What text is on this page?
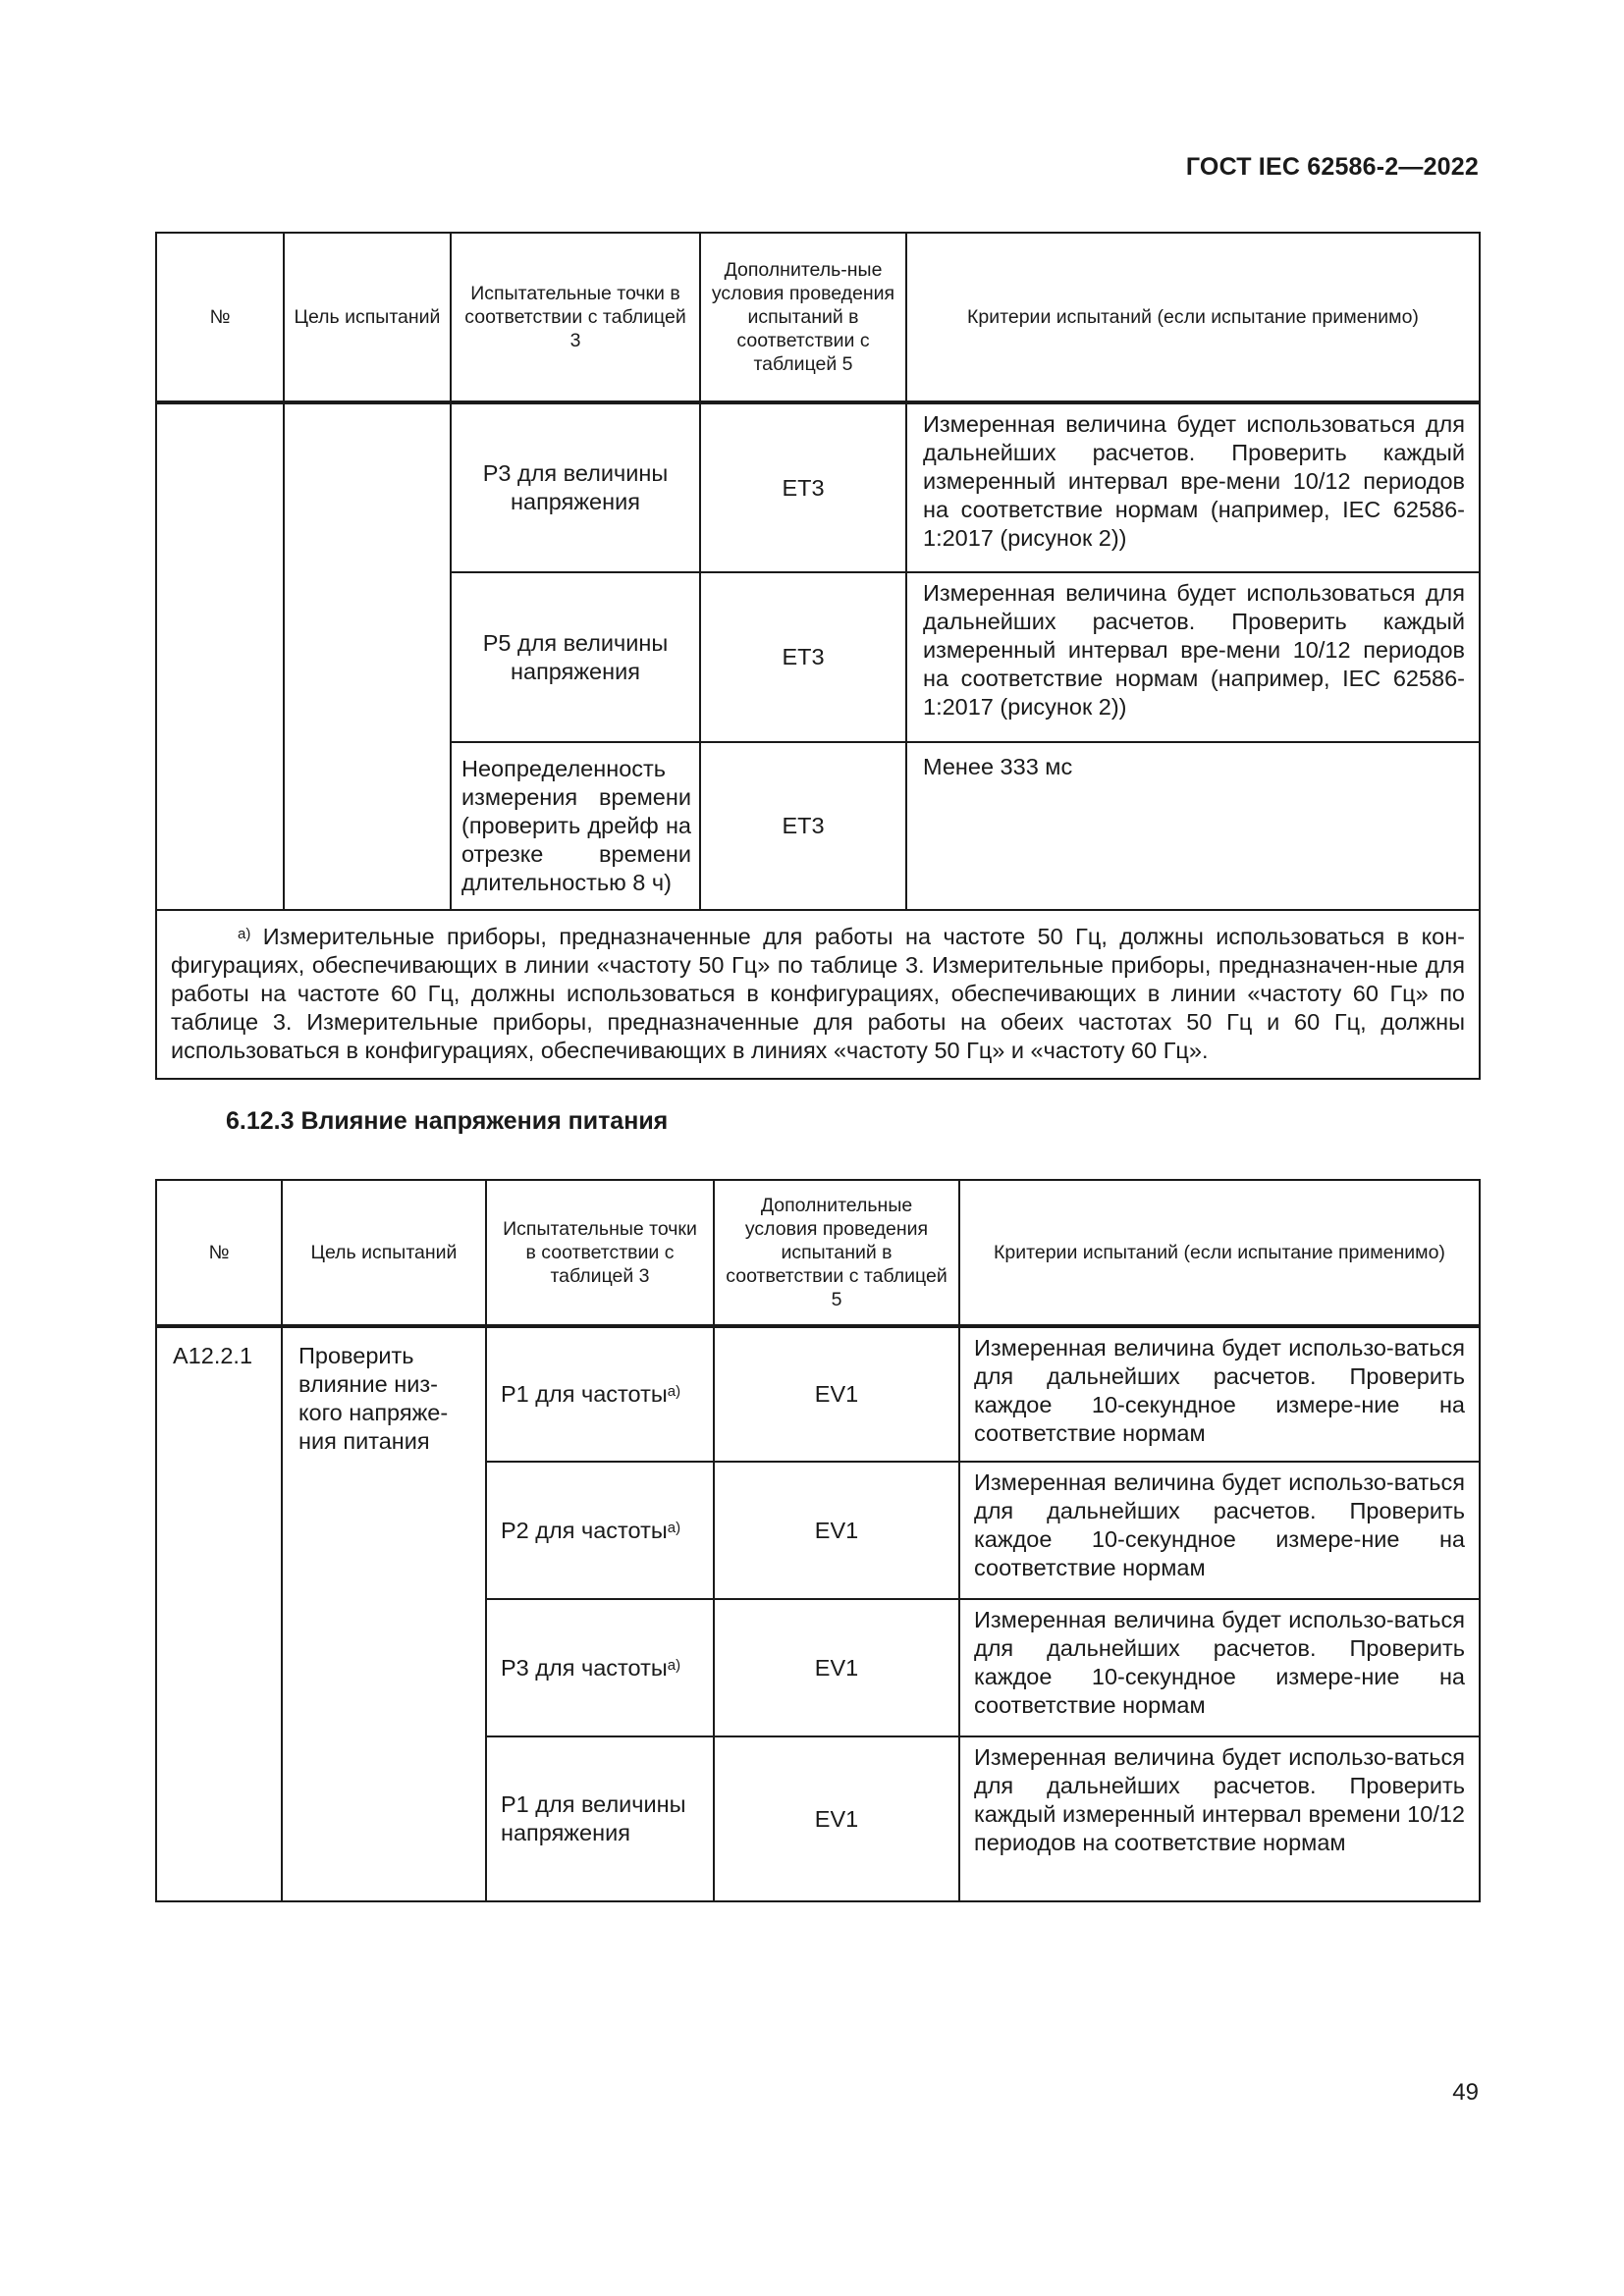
ГОСТ IEC 62586-2—2022
№	Цель испытаний	Испытательные точки в соответствии с таблицей 3	Дополнитель-ные условия проведения испытаний в соответствии с таблицей 5	Критерии испытаний (если испытание применимо)
		Р3 для величины напряжения	ЕТ3	Измеренная величина будет использоваться для дальнейших расчетов. Проверить каждый измеренный интервал вре-мени 10/12 периодов на соответствие нормам (например, IEC 62586-1:2017 (рисунок 2))
		Р5 для величины напряжения	ЕТ3	Измеренная величина будет использоваться для дальнейших расчетов. Проверить каждый измеренный интервал вре-мени 10/12 периодов на соответствие нормам (например, IEC 62586-1:2017 (рисунок 2))
		Неопределенность измерения времени (проверить дрейф на отрезке времени длительностью 8 ч)	ЕТ3	Менее 333 мс
$^{а)}$ Измерительные приборы, предназначенные для работы на частоте 50 Гц, должны использоваться в кон-фигурациях, обеспечивающих в линии «частоту 50 Гц» по таблице 3. Измерительные приборы, предназначен-ные для работы на частоте 60 Гц, должны использоваться в конфигурациях, обеспечивающих в линии «частоту 60 Гц» по таблице 3. Измерительные приборы, предназначенные для работы на обеих частотах 50 Гц и 60 Гц, должны использоваться в конфигурациях, обеспечивающих в линиях «частоту 50 Гц» и «частоту 60 Гц».				
6.12.3 Влияние напряжения питания
№	Цель испытаний	Испытательные точки в соответствии с таблицей 3	Дополнительные условия проведения испытаний в соответствии с таблицей 5	Критерии испытаний (если испытание применимо)
А12.2.1	Проверить влияние низ-кого напряже-ния питания	Р1 для частоты$^{а)}$	EV1	Измеренная величина будет использо-ваться для дальнейших расчетов. Проверить каждое 10-секундное измере-ние на соответствие нормам
		Р2 для частоты$^{а)}$	EV1	Измеренная величина будет использо-ваться для дальнейших расчетов. Проверить каждое 10-секундное измере-ние на соответствие нормам
		Р3 для частоты$^{а)}$	EV1	Измеренная величина будет использо-ваться для дальнейших расчетов. Проверить каждое 10-секундное измере-ние на соответствие нормам
		Р1 для величины напряжения	EV1	Измеренная величина будет использо-ваться для дальнейших расчетов. Проверить каждый измеренный интервал времени 10/12 периодов на соответствие нормам
49
